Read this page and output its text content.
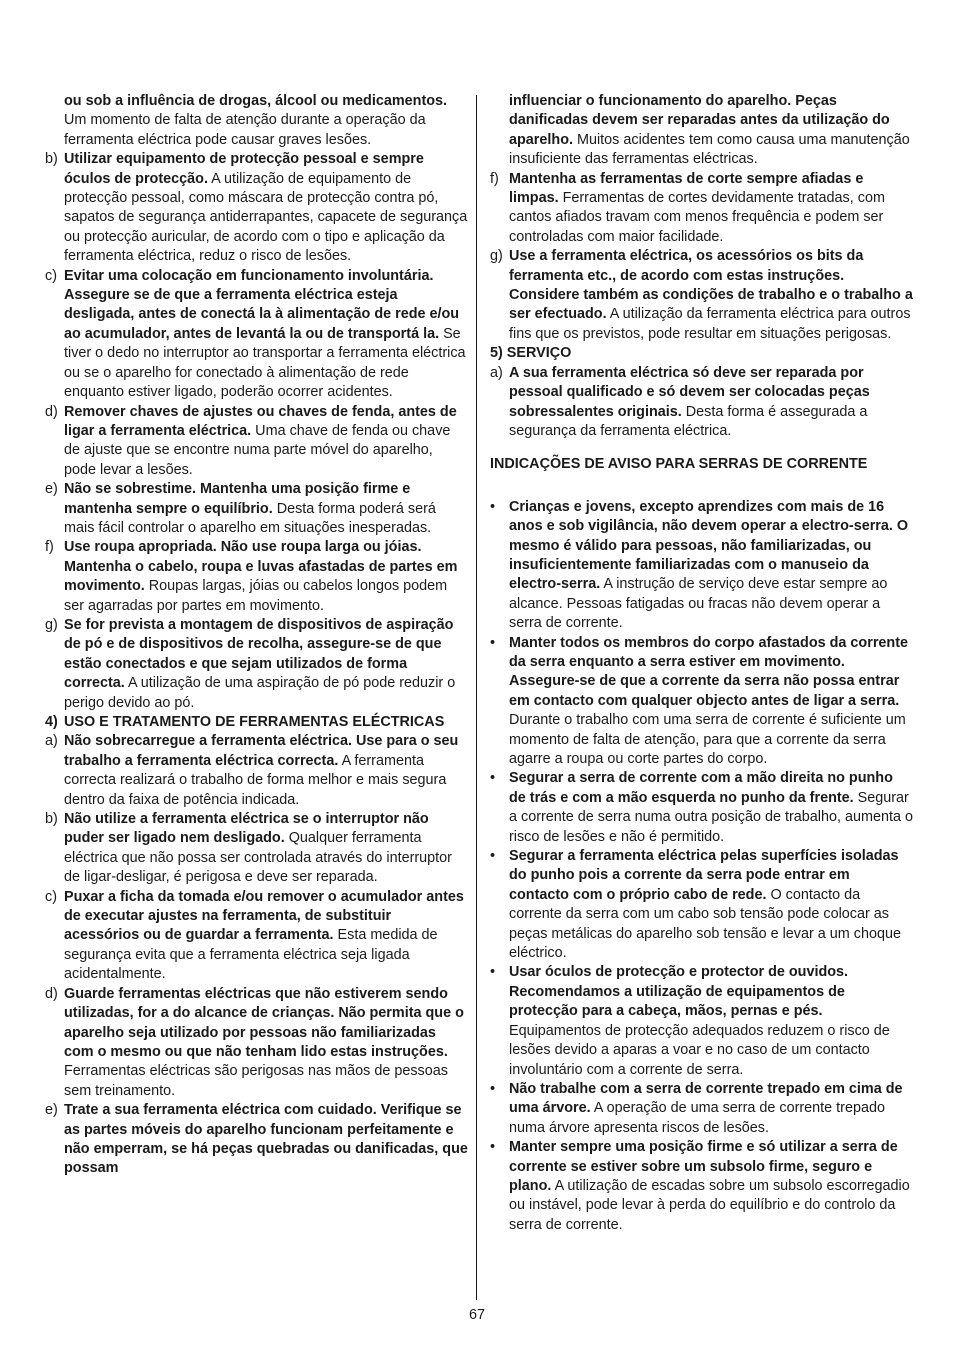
ou sob a influência de drogas, álcool ou medicamentos. Um momento de falta de atenção durante a operação da ferramenta eléctrica pode causar graves lesões.
b) Utilizar equipamento de protecção pessoal e sempre óculos de protecção. A utilização de equipamento de protecção pessoal, como máscara de protecção contra pó, sapatos de segurança antiderrapantes, capacete de segurança ou protecção auricular, de acordo com o tipo e aplicação da ferramenta eléctrica, reduz o risco de lesões.
c) Evitar uma colocação em funcionamento involuntária. Assegure se de que a ferramenta eléctrica esteja desligada, antes de conectá la à alimentação de rede e/ou ao acumulador, antes de levantá la ou de transportá la. Se tiver o dedo no interruptor ao transportar a ferramenta eléctrica ou se o aparelho for conectado à alimentação de rede enquanto estiver ligado, poderão ocorrer acidentes.
d) Remover chaves de ajustes ou chaves de fenda, antes de ligar a ferramenta eléctrica. Uma chave de fenda ou chave de ajuste que se encontre numa parte móvel do aparelho, pode levar a lesões.
e) Não se sobrestime. Mantenha uma posição firme e mantenha sempre o equilíbrio. Desta forma poderá será mais fácil controlar o aparelho em situações inesperadas.
f) Use roupa apropriada. Não use roupa larga ou jóias. Mantenha o cabelo, roupa e luvas afastadas de partes em movimento. Roupas largas, jóias ou cabelos longos podem ser agarradas por partes em movimento.
g) Se for prevista a montagem de dispositivos de aspiração de pó e de dispositivos de recolha, assegure-se de que estão conectados e que sejam utilizados de forma correcta. A utilização de uma aspiração de pó pode reduzir o perigo devido ao pó.
4) USO E TRATAMENTO DE FERRAMENTAS ELÉCTRICAS
a) Não sobrecarregue a ferramenta eléctrica. Use para o seu trabalho a ferramenta eléctrica correcta. A ferramenta correcta realizará o trabalho de forma melhor e mais segura dentro da faixa de potência indicada.
b) Não utilize a ferramenta eléctrica se o interruptor não puder ser ligado nem desligado. Qualquer ferramenta eléctrica que não possa ser controlada através do interruptor de ligar-desligar, é perigosa e deve ser reparada.
c) Puxar a ficha da tomada e/ou remover o acumulador antes de executar ajustes na ferramenta, de substituir acessórios ou de guardar a ferramenta. Esta medida de segurança evita que a ferramenta eléctrica seja ligada acidentalmente.
d) Guarde ferramentas eléctricas que não estiverem sendo utilizadas, for a do alcance de crianças. Não permita que o aparelho seja utilizado por pessoas não familiarizadas com o mesmo ou que não tenham lido estas instruções. Ferramentas eléctricas são perigosas nas mãos de pessoas sem treinamento.
e) Trate a sua ferramenta eléctrica com cuidado. Verifique se as partes móveis do aparelho funcionam perfeitamente e não emperram, se há peças quebradas ou danificadas, que possam
influenciar o funcionamento do aparelho. Peças danificadas devem ser reparadas antes da utilização do aparelho. Muitos acidentes tem como causa uma manutenção insuficiente das ferramentas eléctricas.
f) Mantenha as ferramentas de corte sempre afiadas e limpas. Ferramentas de cortes devidamente tratadas, com cantos afiados travam com menos frequência e podem ser controladas com maior facilidade.
g) Use a ferramenta eléctrica, os acessórios os bits da ferramenta etc., de acordo com estas instruções. Considere também as condições de trabalho e o trabalho a ser efectuado. A utilização da ferramenta eléctrica para outros fins que os previstos, pode resultar em situações perigosas.
5) SERVIÇO
a) A sua ferramenta eléctrica só deve ser reparada por pessoal qualificado e só devem ser colocadas peças sobressalentes originais. Desta forma é assegurada a segurança da ferramenta eléctrica.
INDICAÇÕES DE AVISO PARA SERRAS DE CORRENTE
• Crianças e jovens, excepto aprendizes com mais de 16 anos e sob vigilância, não devem operar a electro-serra. O mesmo é válido para pessoas, não familiarizadas, ou insuficientemente familiarizadas com o manuseio da electro-serra. A instrução de serviço deve estar sempre ao alcance. Pessoas fatigadas ou fracas não devem operar a serra de corrente.
• Manter todos os membros do corpo afastados da corrente da serra enquanto a serra estiver em movimento. Assegure-se de que a corrente da serra não possa entrar em contacto com qualquer objecto antes de ligar a serra. Durante o trabalho com uma serra de corrente é suficiente um momento de falta de atenção, para que a corrente da serra agarre a roupa ou corte partes do corpo.
• Segurar a serra de corrente com a mão direita no punho de trás e com a mão esquerda no punho da frente. Segurar a corrente de serra numa outra posição de trabalho, aumenta o risco de lesões e não é permitido.
• Segurar a ferramenta eléctrica pelas superfícies isoladas do punho pois a corrente da serra pode entrar em contacto com o próprio cabo de rede. O contacto da corrente da serra com um cabo sob tensão pode colocar as peças metálicas do aparelho sob tensão e levar a um choque eléctrico.
• Usar óculos de protecção e protector de ouvidos. Recomendamos a utilização de equipamentos de protecção para a cabeça, mãos, pernas e pés. Equipamentos de protecção adequados reduzem o risco de lesões devido a aparas a voar e no caso de um contacto involuntário com a corrente de serra.
• Não trabalhe com a serra de corrente trepado em cima de uma árvore. A operação de uma serra de corrente trepado numa árvore apresenta riscos de lesões.
• Manter sempre uma posição firme e só utilizar a serra de corrente se estiver sobre um subsolo firme, seguro e plano. A utilização de escadas sobre um subsolo escorregadio ou instável, pode levar à perda do equilíbrio e do controlo da serra de corrente.
67
